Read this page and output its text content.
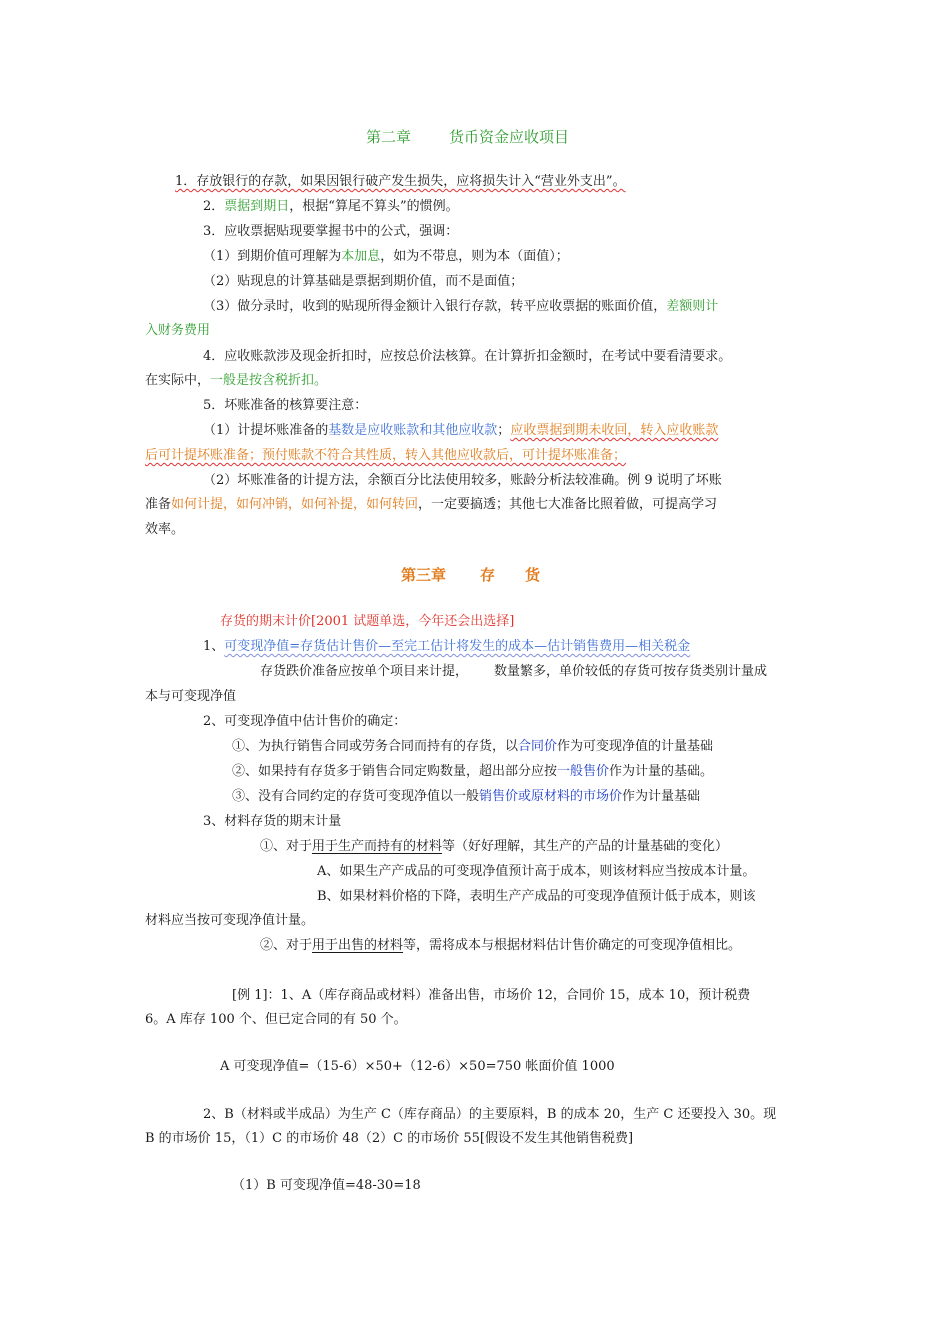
第二章	货币资金应收项目
1．存放银行的存款，如果因银行破产发生损失，应将损失计入“营业外支出”。
2．票据到期日，根据“算尾不算头”的惯例。
3．应收票据贴现要掌握书中的公式，强调：
（1）到期价值可理解为本加息，如为不带息，则为本（面值）；
（2）贴现息的计算基础是票据到期价值，而不是面值；
（3）做分录时，收到的贴现所得金额计入银行存款，转平应收票据的账面价值，差额则计
入财务费用
4．应收账款涉及现金折扣时，应按总价法核算。在计算折扣金额时，在考试中要看清要求。
在实际中，一般是按含税折扣。
5．坏账准备的核算要注意：
（1）计提坏账准备的基数是应收账款和其他应收款；应收票据到期未收回，转入应收账款
后可计提坏账准备；预付账款不符合其性质，转入其他应收款后，可计提坏账准备；
（2）坏账准备的计提方法，余额百分比法使用较多，账龄分析法较准确。例 9 说明了坏账
准备如何计提，如何冲销，如何补提，如何转回，一定要搞透；其他七大准备比照着做，可提高学习
效率。
第三章 存 货
存货的期末计价[2001 试题单选，今年还会出选择]
1、可变现净值=存货估计售价—至完工估计将发生的成本—估计销售费用—相关税金
存货跌价准备应按单个项目来计提， 数量繁多，单价较低的存货可按存货类别计量成
本与可变现净值
2、可变现净值中估计售价的确定：
①、为执行销售合同或劳务合同而持有的存货，以合同价作为可变现净值的计量基础
②、如果持有存货多于销售合同定购数量，超出部分应按一般售价作为计量的基础。
③、没有合同约定的存货可变现净值以一般销售价或原材料的市场价作为计量基础
3、材料存货的期末计量
①、对于用于生产而持有的材料等（好好理解，其生产的产品的计量基础的变化）
A、如果生产产成品的可变现净值预计高于成本，则该材料应当按成本计量。
B、如果材料价格的下降，表明生产产成品的可变现净值预计低于成本，则该
材料应当按可变现净值计量。
②、对于用于出售的材料等，需将成本与根据材料估计售价确定的可变现净值相比。
[例 1]：1、A（库存商品或材料）准备出售，市场价 12，合同价 15，成本 10，预计税费
6。A 库存 100 个、但已定合同的有 50 个。
A 可变现净值=（15-6）×50+（12-6）×50=750 帐面价值 1000
2、B（材料或半成品）为生产 C（库存商品）的主要原料，B 的成本 20，生产 C 还要投入 30。现
B 的市场价 15，（1）C 的市场价 48（2）C 的市场价 55[假设不发生其他销售税费]
（1）B 可变现净值=48-30=18
